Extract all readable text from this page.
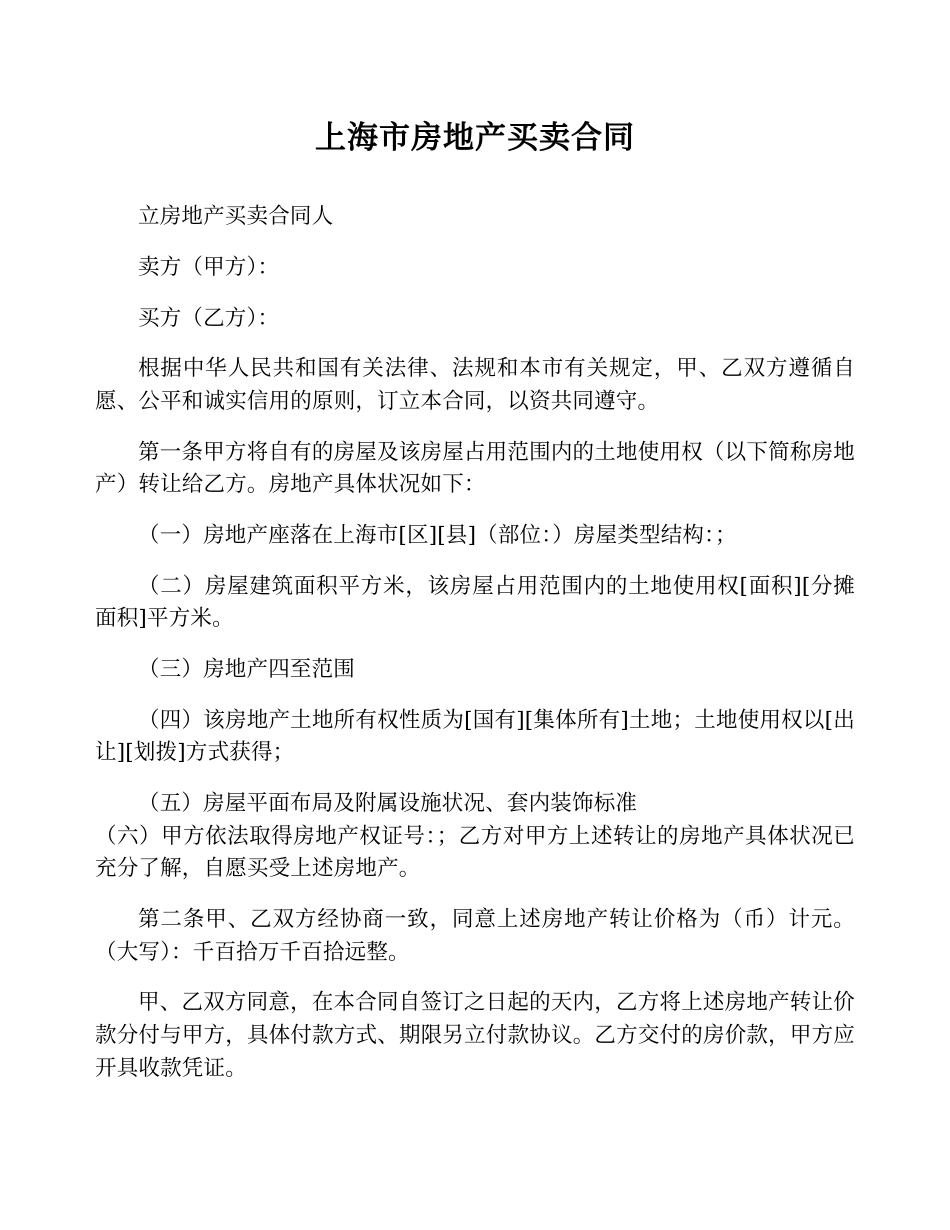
上海市房地产买卖合同

立房地产买卖合同人

卖方（甲方）：

买方（乙方）：

根据中华人民共和国有关法律、法规和本市有关规定，甲、乙双方遵循自愿、公平和诚实信用的原则，订立本合同，以资共同遵守。

第一条甲方将自有的房屋及该房屋占用范围内的土地使用权（以下简称房地产）转让给乙方。房地产具体状况如下：

（一）房地产座落在上海市[区][县]（部位：）房屋类型结构：；

（二）房屋建筑面积平方米，该房屋占用范围内的土地使用权[面积][分摊面积]平方米。

（三）房地产四至范围

（四）该房地产土地所有权性质为[国有][集体所有]土地；土地使用权以[出让][划拨]方式获得；

（五）房屋平面布局及附属设施状况、套内装饰标准

（六）甲方依法取得房地产权证号：；乙方对甲方上述转让的房地产具体状况已充分了解，自愿买受上述房地产。

第二条甲、乙双方经协商一致，同意上述房地产转让价格为（币）计元。（大写）：千百拾万千百拾远整。

甲、乙双方同意，在本合同自签订之日起的天内，乙方将上述房地产转让价款分付与甲方，具体付款方式、期限另立付款协议。乙方交付的房价款，甲方应开具收款凭证。
